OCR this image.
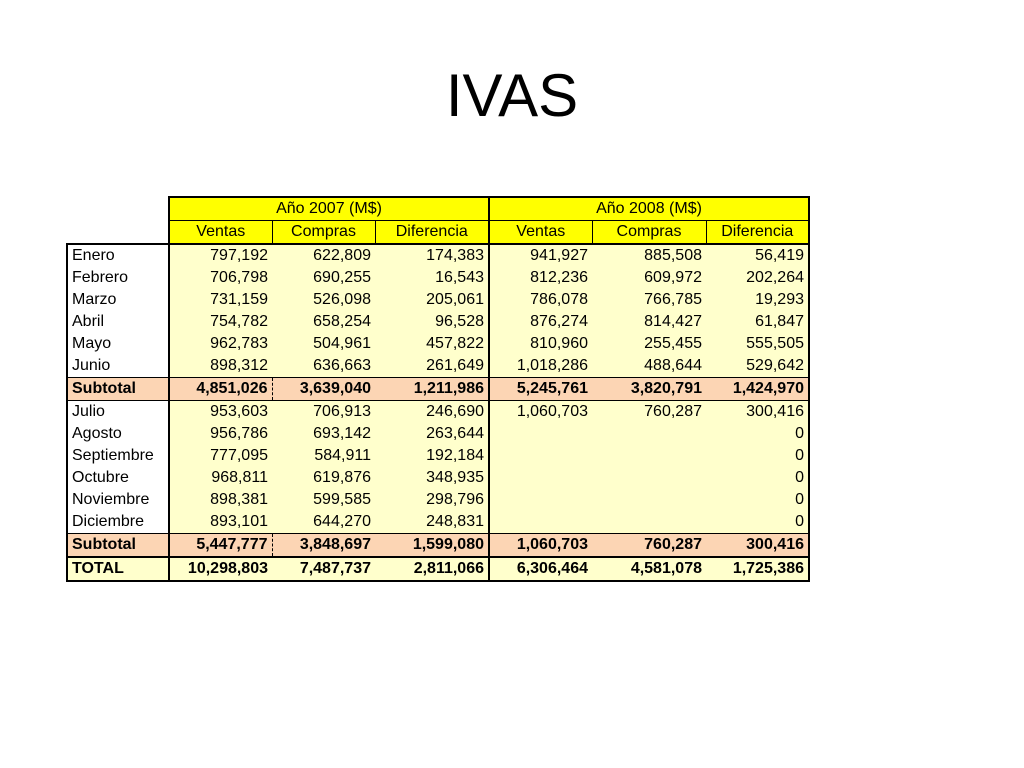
IVAS
	Año 2007 (M$)			Año 2008 (M$)		
	Ventas	Compras	Diferencia	Ventas	Compras	Diferencia
Enero	797,192	622,809	174,383	941,927	885,508	56,419
Febrero	706,798	690,255	16,543	812,236	609,972	202,264
Marzo	731,159	526,098	205,061	786,078	766,785	19,293
Abril	754,782	658,254	96,528	876,274	814,427	61,847
Mayo	962,783	504,961	457,822	810,960	255,455	555,505
Junio	898,312	636,663	261,649	1,018,286	488,644	529,642
Subtotal	4,851,026	3,639,040	1,211,986	5,245,761	3,820,791	1,424,970
Julio	953,603	706,913	246,690	1,060,703	760,287	300,416
Agosto	956,786	693,142	263,644			0
Septiembre	777,095	584,911	192,184			0
Octubre	968,811	619,876	348,935			0
Noviembre	898,381	599,585	298,796			0
Diciembre	893,101	644,270	248,831			0
Subtotal	5,447,777	3,848,697	1,599,080	1,060,703	760,287	300,416
TOTAL	10,298,803	7,487,737	2,811,066	6,306,464	4,581,078	1,725,386
